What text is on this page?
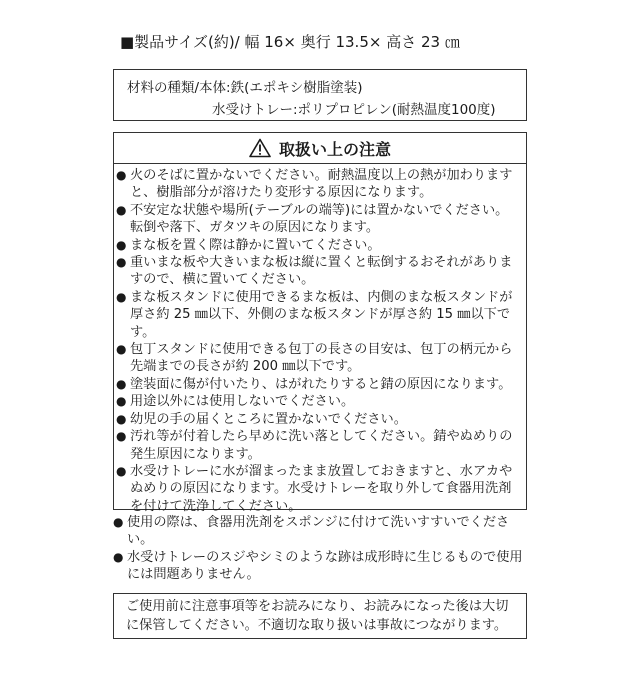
■製品サイズ(約)/ 幅 16× 奥行 13.5× 高さ 23 ㎝
材料の種類/本体:鉄(エポキシ樹脂塗装)
水受けトレー:ポリプロピレン(耐熱温度100度)
取扱い上の注意
● 火のそばに置かないでください。耐熱温度以上の熱が加わりますと、樹脂部分が溶けたり変形する原因になります。
● 不安定な状態や場所(テーブルの端等)には置かないでください。転倒や落下、ガタツキの原因になります。
● まな板を置く際は静かに置いてください。
● 重いまな板や大きいまな板は縦に置くと転倒するおそれがありますので、横に置いてください。
● まな板スタンドに使用できるまな板は、内側のまな板スタンドが厚さ約 25 ㎜以下、外側のまな板スタンドが厚さ約 15 ㎜以下です。
● 包丁スタンドに使用できる包丁の長さの目安は、包丁の柄元から先端までの長さが約 200 ㎜以下です。
● 塗装面に傷が付いたり、はがれたりすると錆の原因になります。
● 用途以外には使用しないでください。
● 幼児の手の届くところに置かないでください。
● 汚れ等が付着したら早めに洗い落としてください。錆やぬめりの発生原因になります。
● 水受けトレーに水が溜まったまま放置しておきますと、水アカやぬめりの原因になります。水受けトレーを取り外して食器用洗剤を付けて洗浄してください。
● 使用の際は、食器用洗剤をスポンジに付けて洗いすすいでください。
● 水受けトレーのスジやシミのような跡は成形時に生じるもので使用には問題ありません。
ご使用前に注意事項等をお読みになり、お読みになった後は大切に保管してください。不適切な取り扱いは事故につながります。
